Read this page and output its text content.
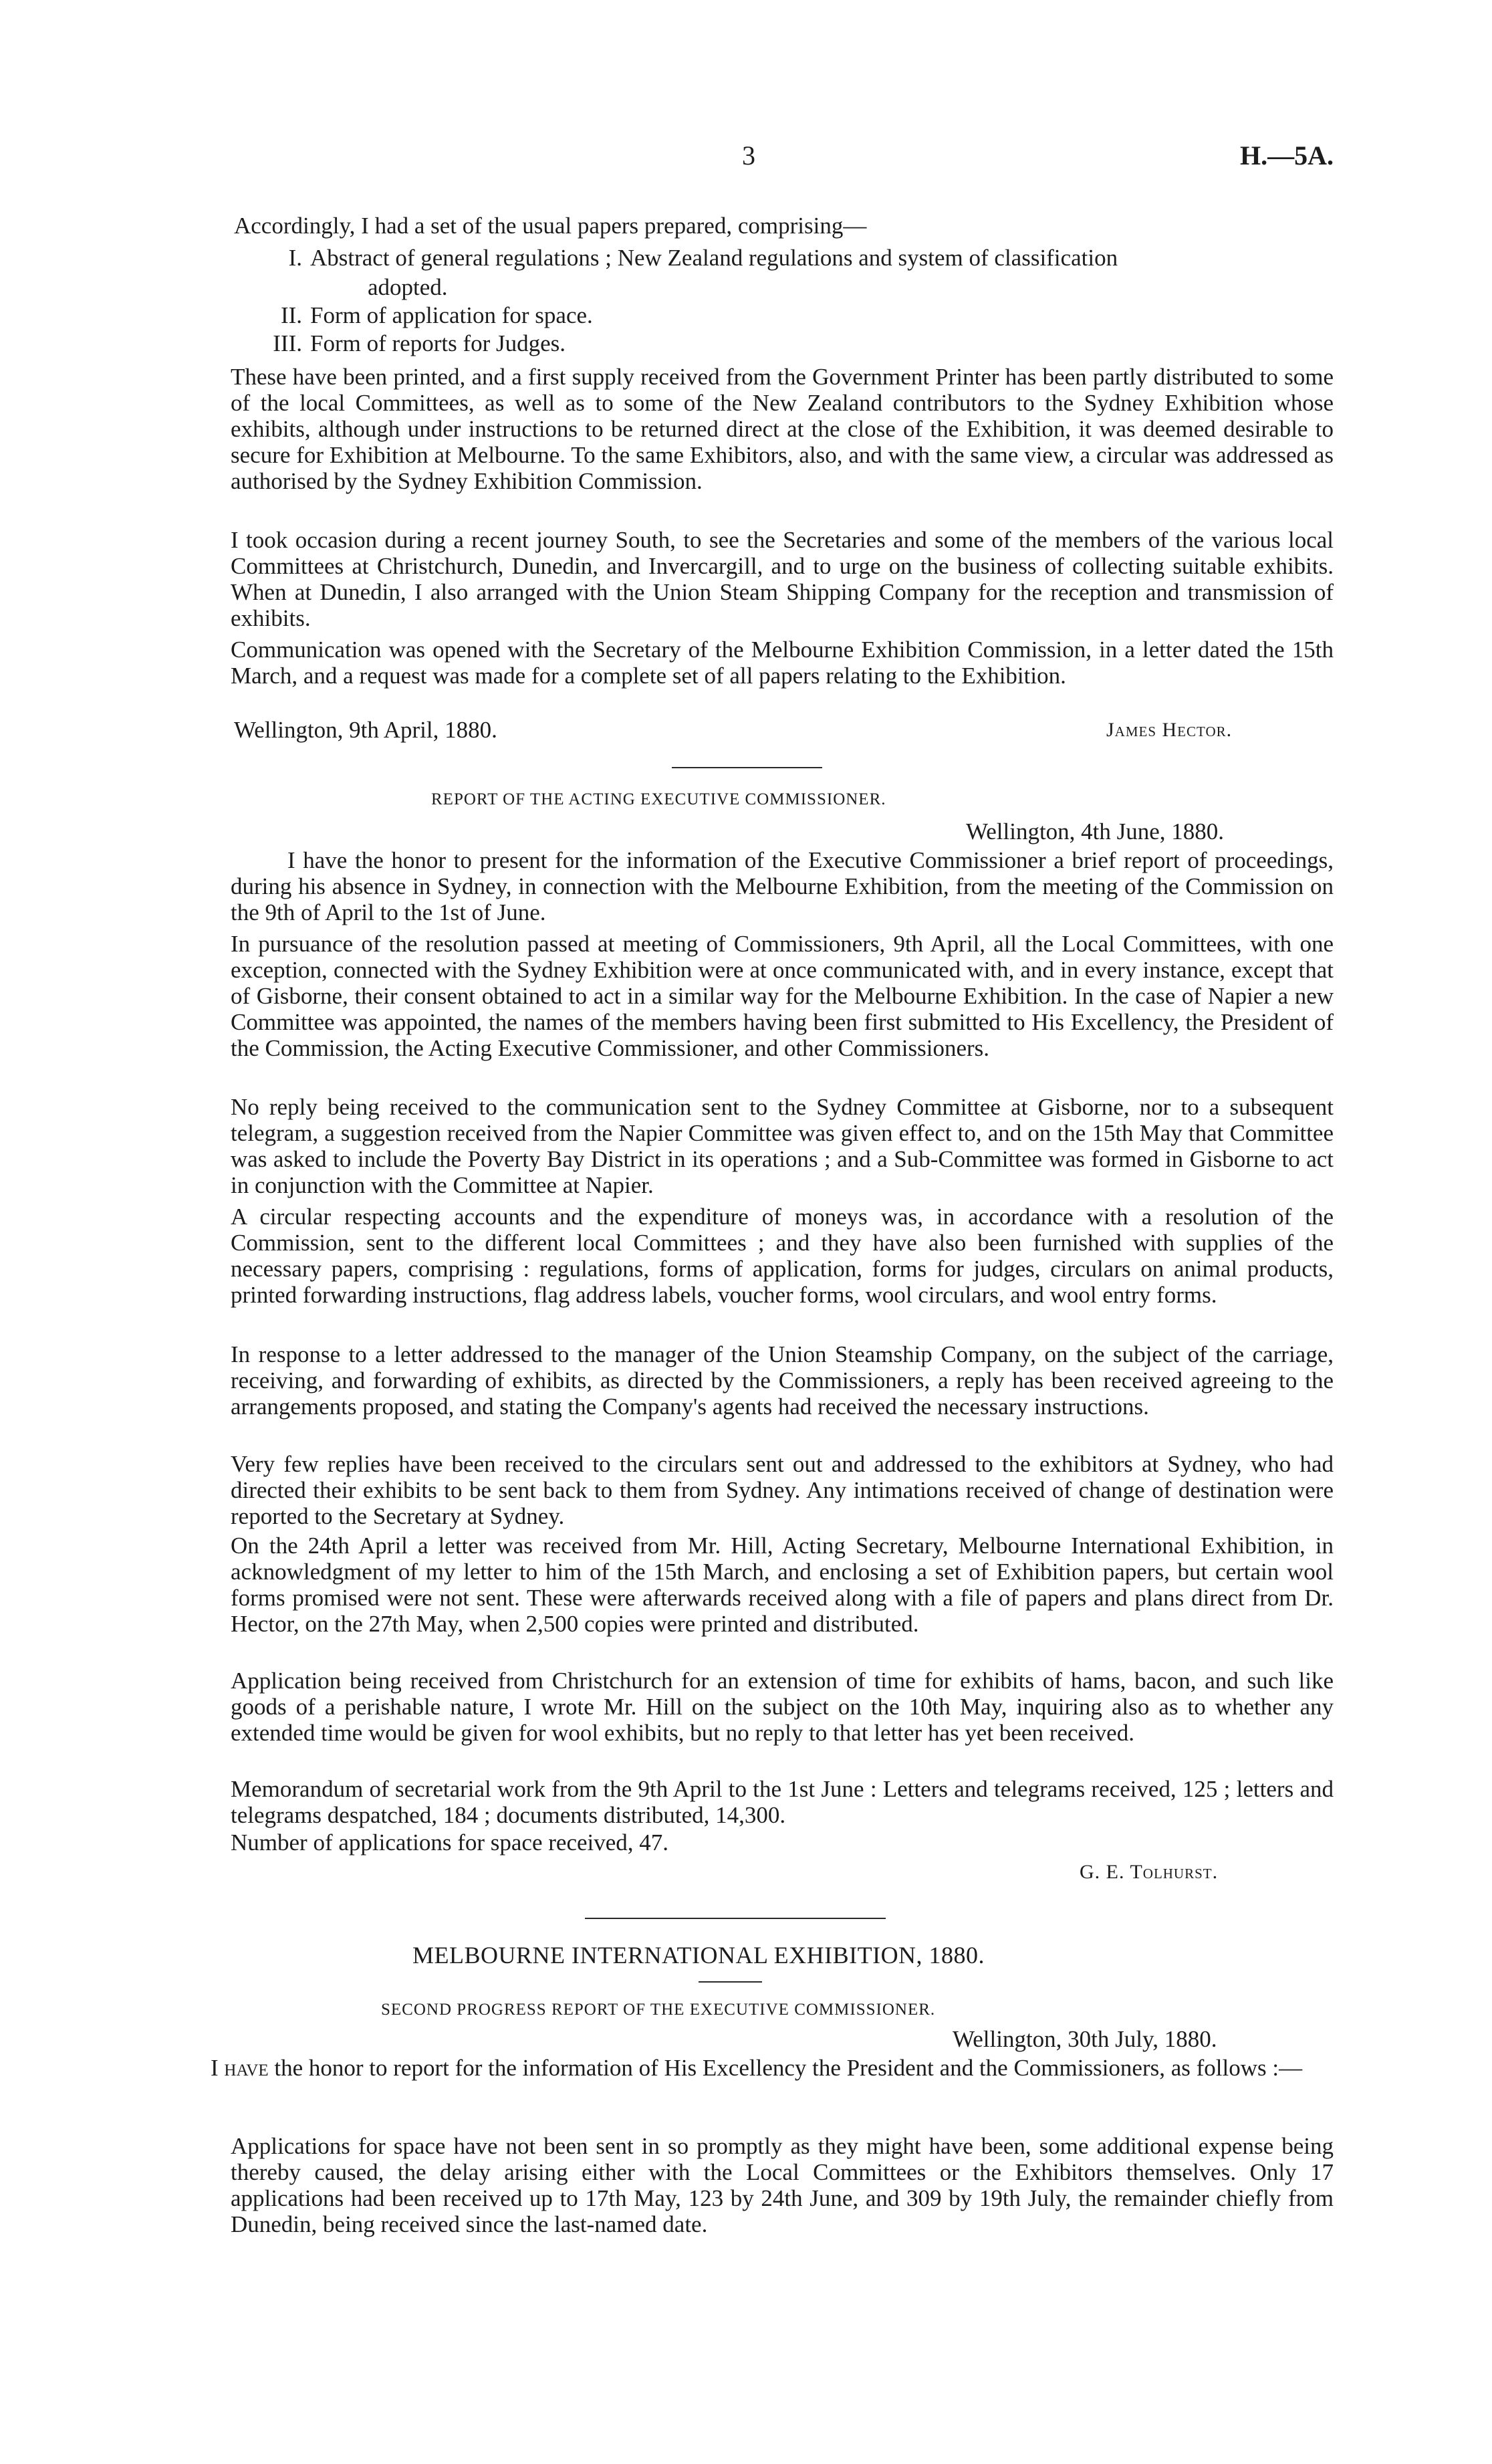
3	H.—5A.

Accordingly, I had a set of the usual papers prepared, comprising—

I. Abstract of general regulations ; New Zealand regulations and system of classification
adopted.
II. Form of application for space.
III. Form of reports for Judges.

These have been printed, and a first supply received from the Government Printer has been partly distributed to some of the local Committees, as well as to some of the New Zealand contributors to the Sydney Exhibition whose exhibits, although under instructions to be returned direct at the close of the Exhibition, it was deemed desirable to secure for Exhibition at Melbourne. To the same Exhibitors, also, and with the same view, a circular was addressed as authorised by the Sydney Exhibition Commission.

I took occasion during a recent journey South, to see the Secretaries and some of the members of the various local Committees at Christchurch, Dunedin, and Invercargill, and to urge on the business of collecting suitable exhibits. When at Dunedin, I also arranged with the Union Steam Shipping Company for the reception and transmission of exhibits.

Communication was opened with the Secretary of the Melbourne Exhibition Commission, in a letter dated the 15th March, and a request was made for a complete set of all papers relating to the Exhibition.

Wellington, 9th April, 1880.	James Hector.
REPORT OF THE ACTING EXECUTIVE COMMISSIONER.
Wellington, 4th June, 1880.

I have the honor to present for the information of the Executive Commissioner a brief report of proceedings, during his absence in Sydney, in connection with the Melbourne Exhibition, from the meeting of the Commission on the 9th of April to the 1st of June.

In pursuance of the resolution passed at meeting of Commissioners, 9th April, all the Local Committees, with one exception, connected with the Sydney Exhibition were at once communicated with, and in every instance, except that of Gisborne, their consent obtained to act in a similar way for the Melbourne Exhibition. In the case of Napier a new Committee was appointed, the names of the members having been first submitted to His Excellency, the President of the Commission, the Acting Executive Commissioner, and other Commissioners.

No reply being received to the communication sent to the Sydney Committee at Gisborne, nor to a subsequent telegram, a suggestion received from the Napier Committee was given effect to, and on the 15th May that Committee was asked to include the Poverty Bay District in its operations ; and a Sub-Committee was formed in Gisborne to act in conjunction with the Committee at Napier.

A circular respecting accounts and the expenditure of moneys was, in accordance with a resolution of the Commission, sent to the different local Committees ; and they have also been furnished with supplies of the necessary papers, comprising : regulations, forms of application, forms for judges, circulars on animal products, printed forwarding instructions, flag address labels, voucher forms, wool circulars, and wool entry forms.

In response to a letter addressed to the manager of the Union Steamship Company, on the subject of the carriage, receiving, and forwarding of exhibits, as directed by the Commissioners, a reply has been received agreeing to the arrangements proposed, and stating the Company's agents had received the necessary instructions.

Very few replies have been received to the circulars sent out and addressed to the exhibitors at Sydney, who had directed their exhibits to be sent back to them from Sydney. Any intimations received of change of destination were reported to the Secretary at Sydney.

On the 24th April a letter was received from Mr. Hill, Acting Secretary, Melbourne International Exhibition, in acknowledgment of my letter to him of the 15th March, and enclosing a set of Exhibition papers, but certain wool forms promised were not sent. These were afterwards received along with a file of papers and plans direct from Dr. Hector, on the 27th May, when 2,500 copies were printed and distributed.

Application being received from Christchurch for an extension of time for exhibits of hams, bacon, and such like goods of a perishable nature, I wrote Mr. Hill on the subject on the 10th May, inquiring also as to whether any extended time would be given for wool exhibits, but no reply to that letter has yet been received.

Memorandum of secretarial work from the 9th April to the 1st June : Letters and telegrams received, 125 ; letters and telegrams despatched, 184 ; documents distributed, 14,300.

Number of applications for space received, 47.

G. E. Tolhurst.
MELBOURNE INTERNATIONAL EXHIBITION, 1880.
SECOND PROGRESS REPORT OF THE EXECUTIVE COMMISSIONER.
Wellington, 30th July, 1880.

I have the honor to report for the information of His Excellency the President and the Commissioners, as follows :—

Applications for space have not been sent in so promptly as they might have been, some additional expense being thereby caused, the delay arising either with the Local Committees or the Exhibitors themselves. Only 17 applications had been received up to 17th May, 123 by 24th June, and 309 by 19th July, the remainder chiefly from Dunedin, being received since the last-named date.
